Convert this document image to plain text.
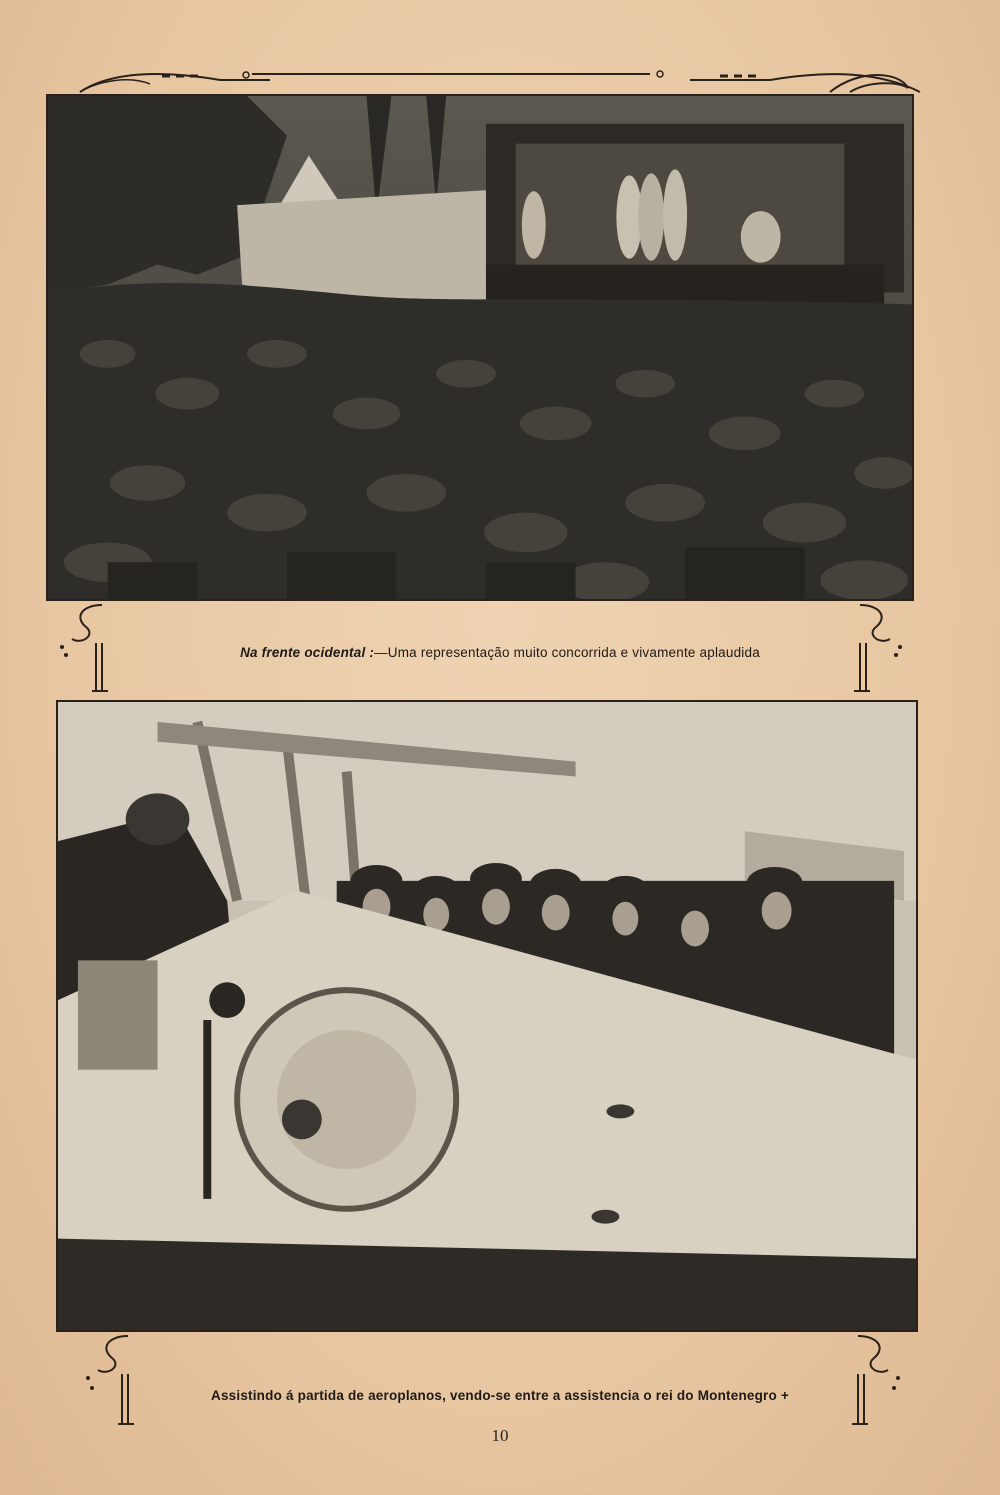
Na frente ocidental :—Uma representação muito concorrida e vivamente aplaudida
Assistindo á partida de aeroplanos, vendo-se entre a assistencia o rei do Montenegro +
10
